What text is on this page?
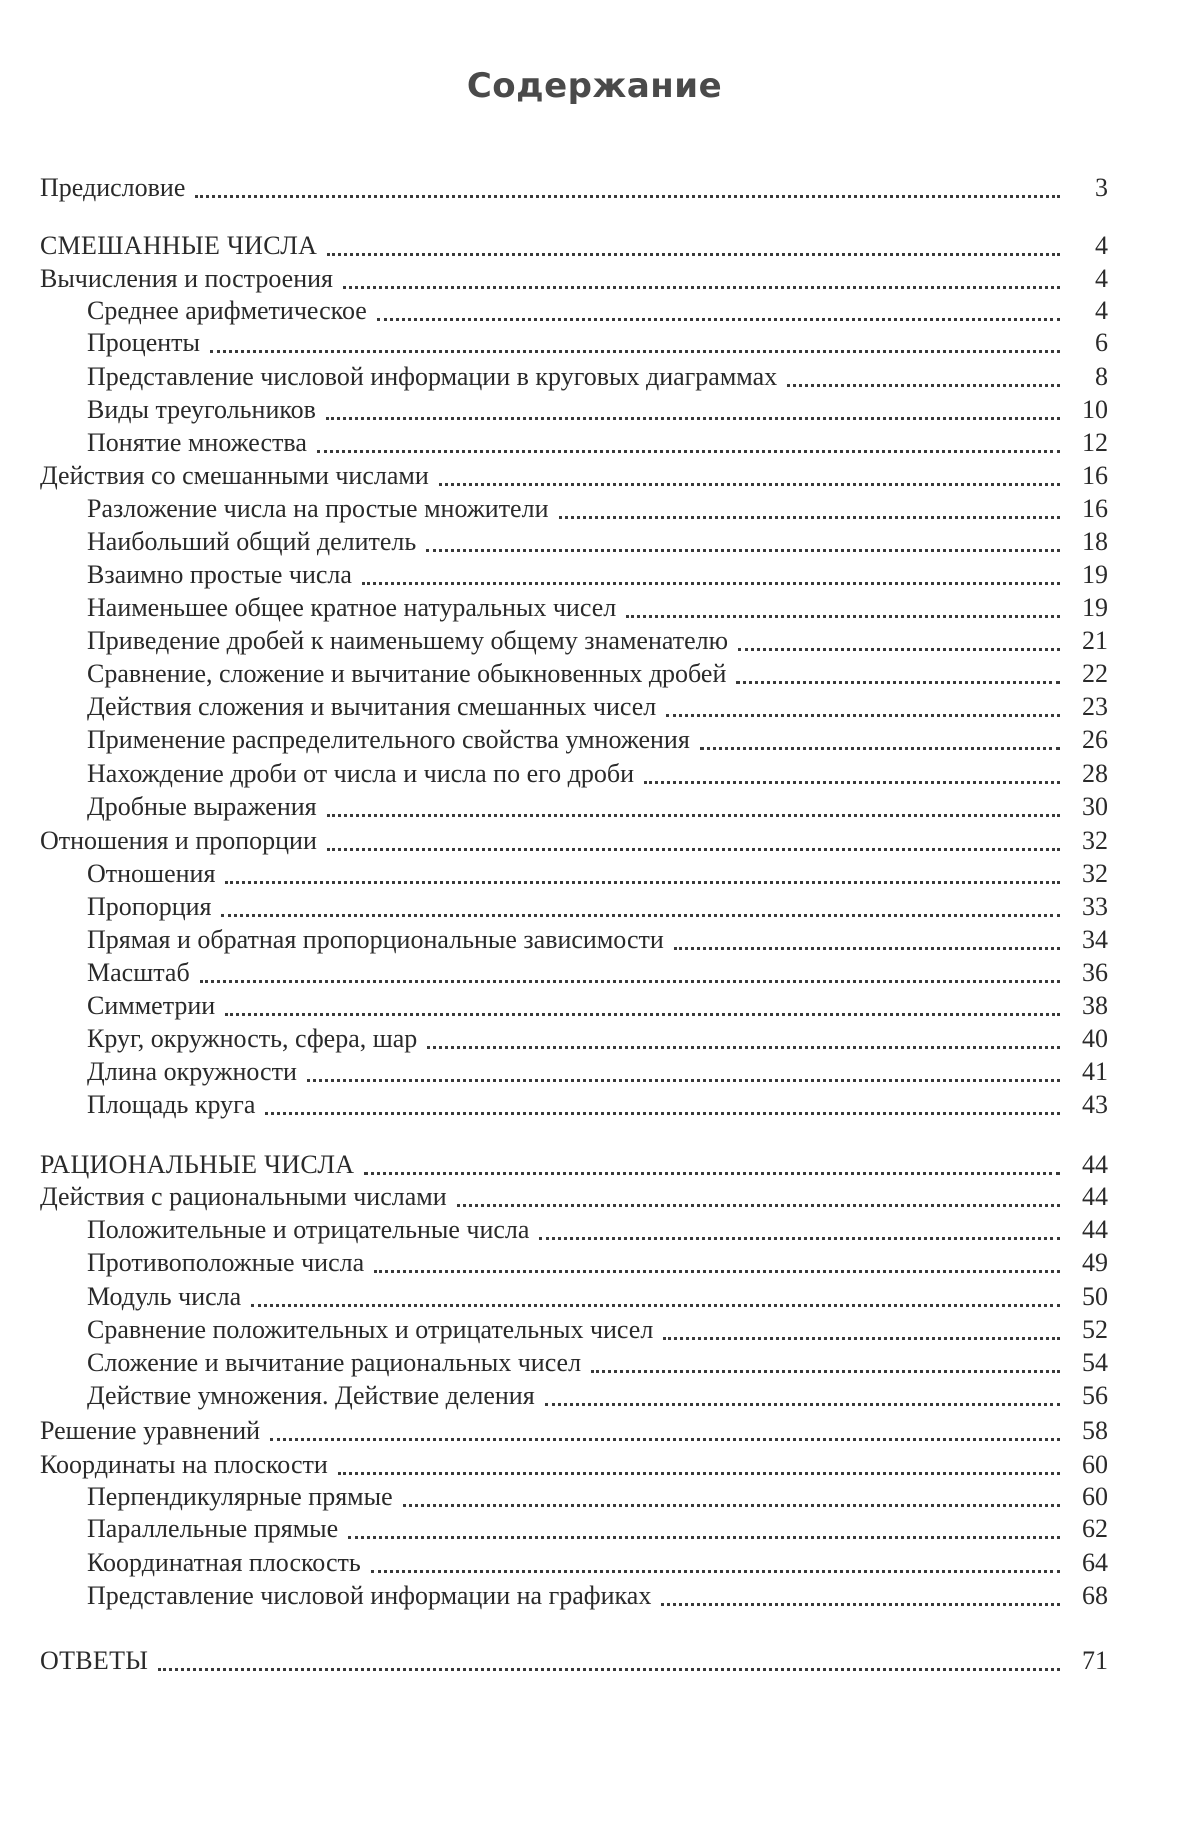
Содержание
Предисловие	3
СМЕШАННЫЕ ЧИСЛА	4
Вычисления и построения	4
Среднее арифметическое	4
Проценты	6
Представление числовой информации в круговых диаграммах	8
Виды треугольников	10
Понятие множества	12
Действия со смешанными числами	16
Разложение числа на простые множители	16
Наибольший общий делитель	18
Взаимно простые числа	19
Наименьшее общее кратное натуральных чисел	19
Приведение дробей к наименьшему общему знаменателю	21
Сравнение, сложение и вычитание обыкновенных дробей	22
Действия сложения и вычитания смешанных чисел	23
Применение распределительного свойства умножения	26
Нахождение дроби от числа и числа по его дроби	28
Дробные выражения	30
Отношения и пропорции	32
Отношения	32
Пропорция	33
Прямая и обратная пропорциональные зависимости	34
Масштаб	36
Симметрии	38
Круг, окружность, сфера, шар	40
Длина окружности	41
Площадь круга	43
РАЦИОНАЛЬНЫЕ ЧИСЛА	44
Действия с рациональными числами	44
Положительные и отрицательные числа	44
Противоположные числа	49
Модуль числа	50
Сравнение положительных и отрицательных чисел	52
Сложение и вычитание рациональных чисел	54
Действие умножения. Действие деления	56
Решение уравнений	58
Координаты на плоскости	60
Перпендикулярные прямые	60
Параллельные прямые	62
Координатная плоскость	64
Представление числовой информации на графиках	68
ОТВЕТЫ	71
